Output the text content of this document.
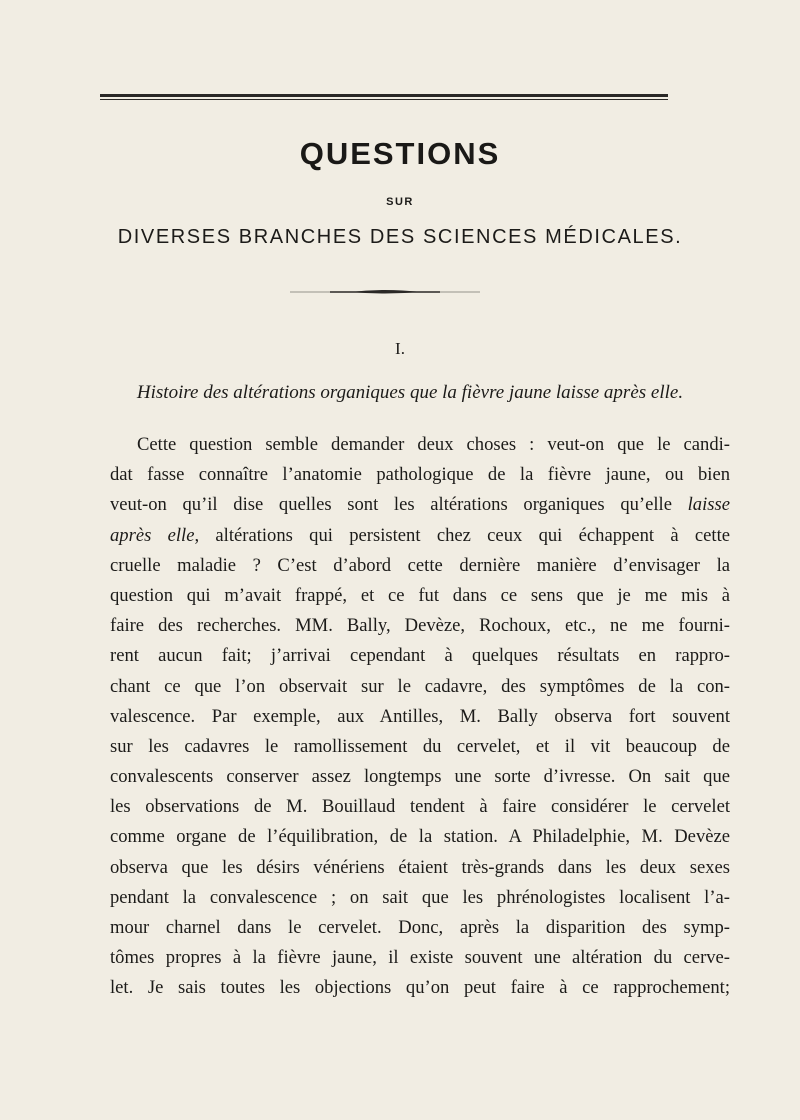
QUESTIONS
SUR
DIVERSES BRANCHES DES SCIENCES MÉDICALES.
I.
Histoire des altérations organiques que la fièvre jaune laisse après elle.
Cette question semble demander deux choses : veut-on que le candi-
dat fasse connaître l’anatomie pathologique de la fièvre jaune, ou bien
veut-on qu’il dise quelles sont les altérations organiques qu’elle laisse
après elle, altérations qui persistent chez ceux qui échappent à cette
cruelle maladie ? C’est d’abord cette dernière manière d’envisager la
question qui m’avait frappé, et ce fut dans ce sens que je me mis à
faire des recherches. MM. Bally, Devèze, Rochoux, etc., ne me fourni-
rent aucun fait; j’arrivai cependant à quelques résultats en rappro-
chant ce que l’on observait sur le cadavre, des symptômes de la con-
valescence. Par exemple, aux Antilles, M. Bally observa fort souvent
sur les cadavres le ramollissement du cervelet, et il vit beaucoup de
convalescents conserver assez longtemps une sorte d’ivresse. On sait que
les observations de M. Bouillaud tendent à faire considérer le cervelet
comme organe de l’équilibration, de la station. A Philadelphie, M. Devèze
observa que les désirs vénériens étaient très-grands dans les deux sexes
pendant la convalescence ; on sait que les phrénologistes localisent l’a-
mour charnel dans le cervelet. Donc, après la disparition des symp-
tômes propres à la fièvre jaune, il existe souvent une altération du cerve-
let. Je sais toutes les objections qu’on peut faire à ce rapprochement;
